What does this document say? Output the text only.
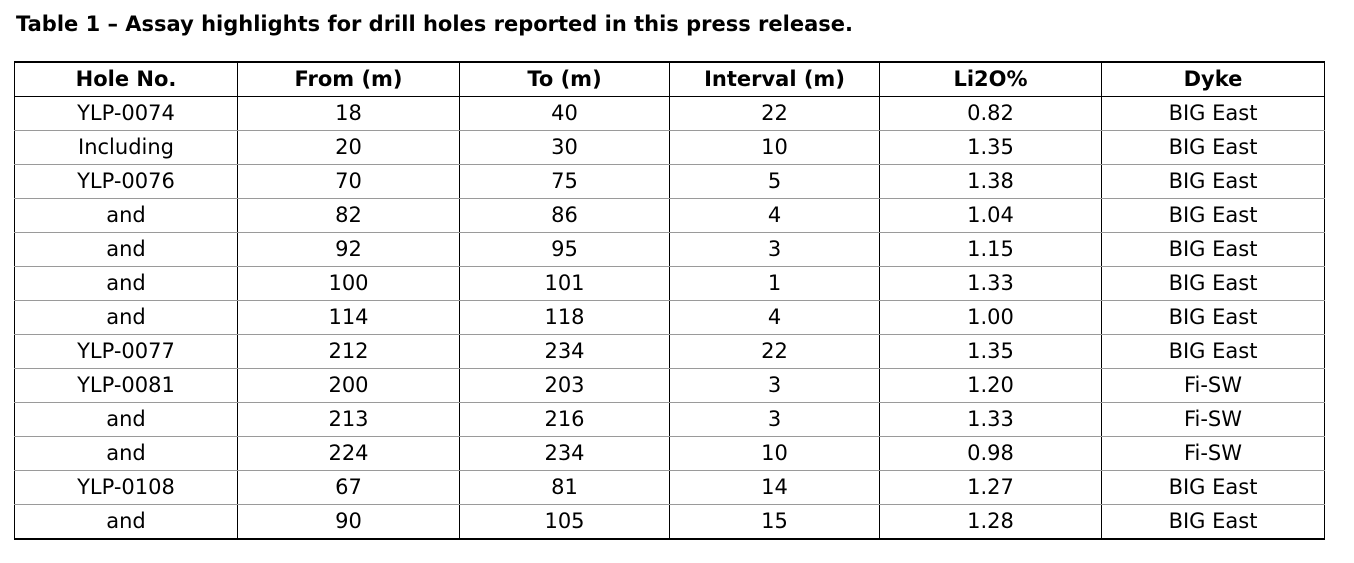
Table 1 – Assay highlights for drill holes reported in this press release.
Hole No.	From (m)	To (m)	Interval (m)	Li2O%	Dyke
YLP-0074	18	40	22	0.82	BIG East
Including	20	30	10	1.35	BIG East
YLP-0076	70	75	5	1.38	BIG East
and	82	86	4	1.04	BIG East
and	92	95	3	1.15	BIG East
and	100	101	1	1.33	BIG East
and	114	118	4	1.00	BIG East
YLP-0077	212	234	22	1.35	BIG East
YLP-0081	200	203	3	1.20	Fi-SW
and	213	216	3	1.33	Fi-SW
and	224	234	10	0.98	Fi-SW
YLP-0108	67	81	14	1.27	BIG East
and	90	105	15	1.28	BIG East
